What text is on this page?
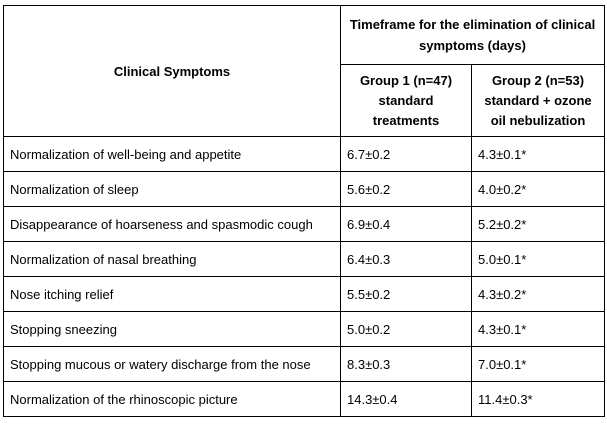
Clinical Symptoms	Timeframe for the elimination of clinical symptoms (days)	
	Group 1 (n=47) standard treatments	Group 2 (n=53) standard + ozone oil nebulization
Normalization of well-being and appetite	6.7±0.2	4.3±0.1*
Normalization of sleep	5.6±0.2	4.0±0.2*
Disappearance of hoarseness and spasmodic cough	6.9±0.4	5.2±0.2*
Normalization of nasal breathing	6.4±0.3	5.0±0.1*
Nose itching relief	5.5±0.2	4.3±0.2*
Stopping sneezing	5.0±0.2	4.3±0.1*
Stopping mucous or watery discharge from the nose	8.3±0.3	7.0±0.1*
Normalization of the rhinoscopic picture	14.3±0.4	11.4±0.3*
